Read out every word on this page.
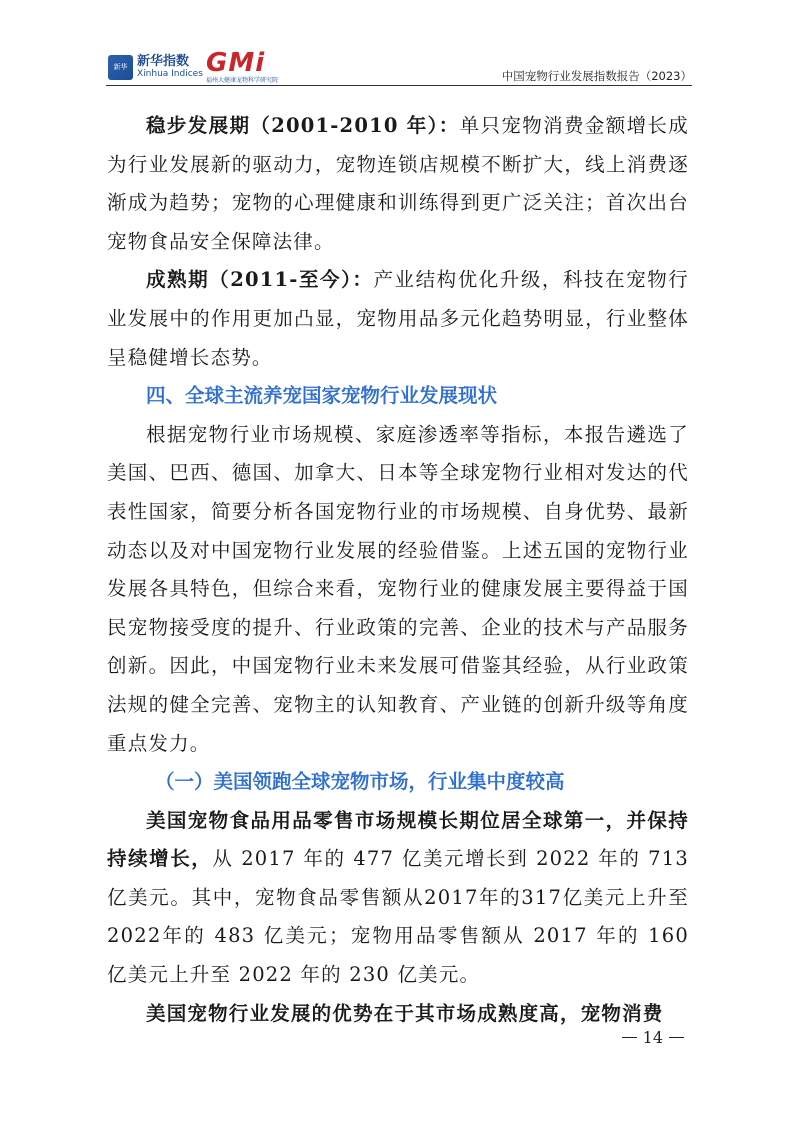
新华 新华指数
Xinhua Indices GMi
福州大健康宠物科学研究院	中国宠物行业发展指数报告（2023）

稳步发展期（2001-2010 年）：单只宠物消费金额增长成为行业发展新的驱动力，宠物连锁店规模不断扩大，线上消费逐渐成为趋势；宠物的心理健康和训练得到更广泛关注；首次出台宠物食品安全保障法律。

成熟期（2011-至今）：产业结构优化升级，科技在宠物行业发展中的作用更加凸显，宠物用品多元化趋势明显，行业整体呈稳健增长态势。

四、全球主流养宠国家宠物行业发展现状

根据宠物行业市场规模、家庭渗透率等指标，本报告遴选了美国、巴西、德国、加拿大、日本等全球宠物行业相对发达的代表性国家，简要分析各国宠物行业的市场规模、自身优势、最新动态以及对中国宠物行业发展的经验借鉴。上述五国的宠物行业发展各具特色，但综合来看，宠物行业的健康发展主要得益于国民宠物接受度的提升、行业政策的完善、企业的技术与产品服务创新。因此，中国宠物行业未来发展可借鉴其经验，从行业政策法规的健全完善、宠物主的认知教育、产业链的创新升级等角度重点发力。

（一）美国领跑全球宠物市场，行业集中度较高

美国宠物食品用品零售市场规模长期位居全球第一，并保持持续增长，从 2017 年的 477 亿美元增长到 2022 年的 713 亿美元。其中，宠物食品零售额从2017年的317亿美元上升至2022年的 483 亿美元；宠物用品零售额从 2017 年的 160 亿美元上升至 2022 年的 230 亿美元。

美国宠物行业发展的优势在于其市场成熟度高，宠物消费

14
